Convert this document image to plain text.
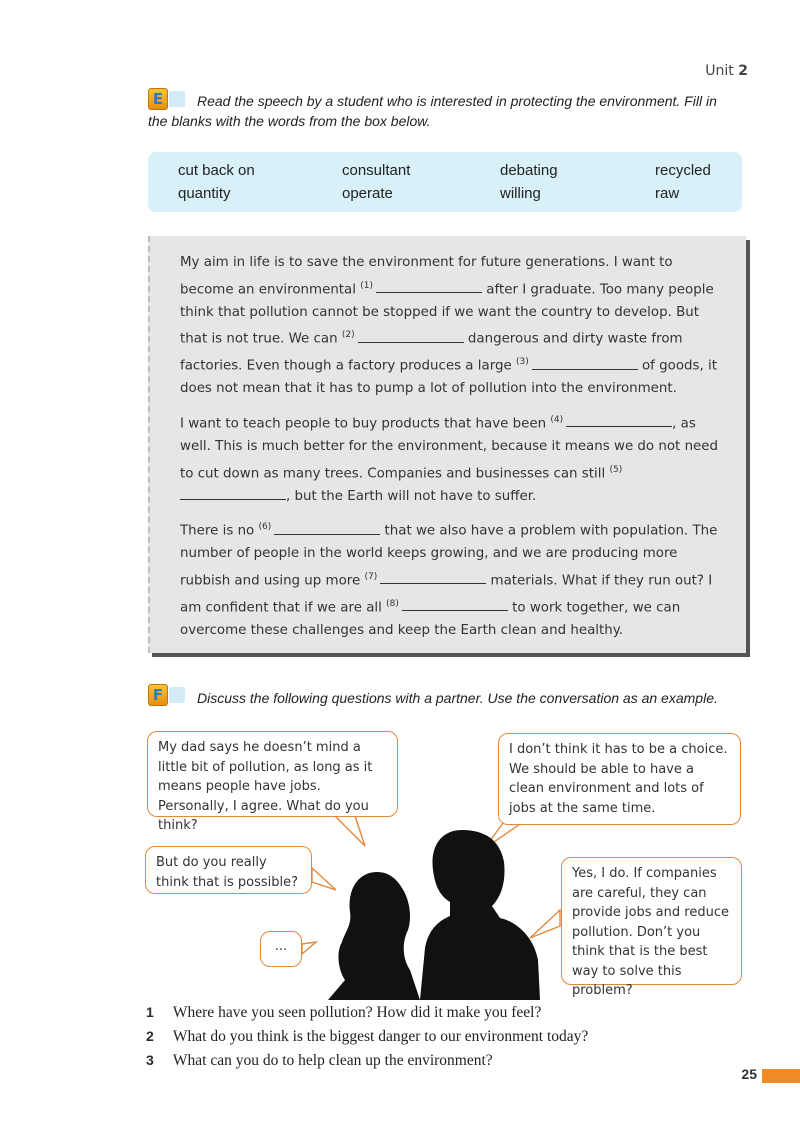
Unit 2
E	Read the speech by a student who is interested in protecting the environment. Fill in
the blanks with the words from the box below.
cut back on	consultant	debating	recycled
quantity	operate	willing	raw

My aim in life is to save the environment for future generations. I want to become an environmental $^{(1)}$	after I graduate. Too many people think that pollution cannot be stopped if we want the country to develop. But that is not true. We can $^{(2)}$	dangerous and dirty waste from factories. Even though a factory produces a large $^{(3)}$	of goods, it does not mean that it has to pump a lot of pollution into the environment.

I want to teach people to buy products that have been $^{(4)}$	, as well. This is much better for the environment, because it means we do not need to cut down as many trees. Companies and businesses can still $^{(5)}$, but the Earth will not have to suffer.

There is no $^{(6)}$	that we also have a problem with population. The number of people in the world keeps growing, and we are producing more rubbish and using up more $^{(7)}$	materials. What if they run out? I am confident that if we are all $^{(8)}$	to work together, we can overcome these challenges and keep the Earth clean and healthy.

F	Discuss the following questions with a partner. Use the conversation as an example.
My dad says he doesn’t mind a little bit of pollution, as long as it means people have jobs. Personally, I agree. What do you think?
I don’t think it has to be a choice. We should be able to have a clean environment and lots of jobs at the same time.
But do you really think that is possible?
Yes, I do. If companies are careful, they can provide jobs and reduce pollution. Don’t you think that is the best way to solve this problem?
...
1 Where have you seen pollution? How did it make you feel?
2 What do you think is the biggest danger to our environment today?
3 What can you do to help clean up the environment?
25
